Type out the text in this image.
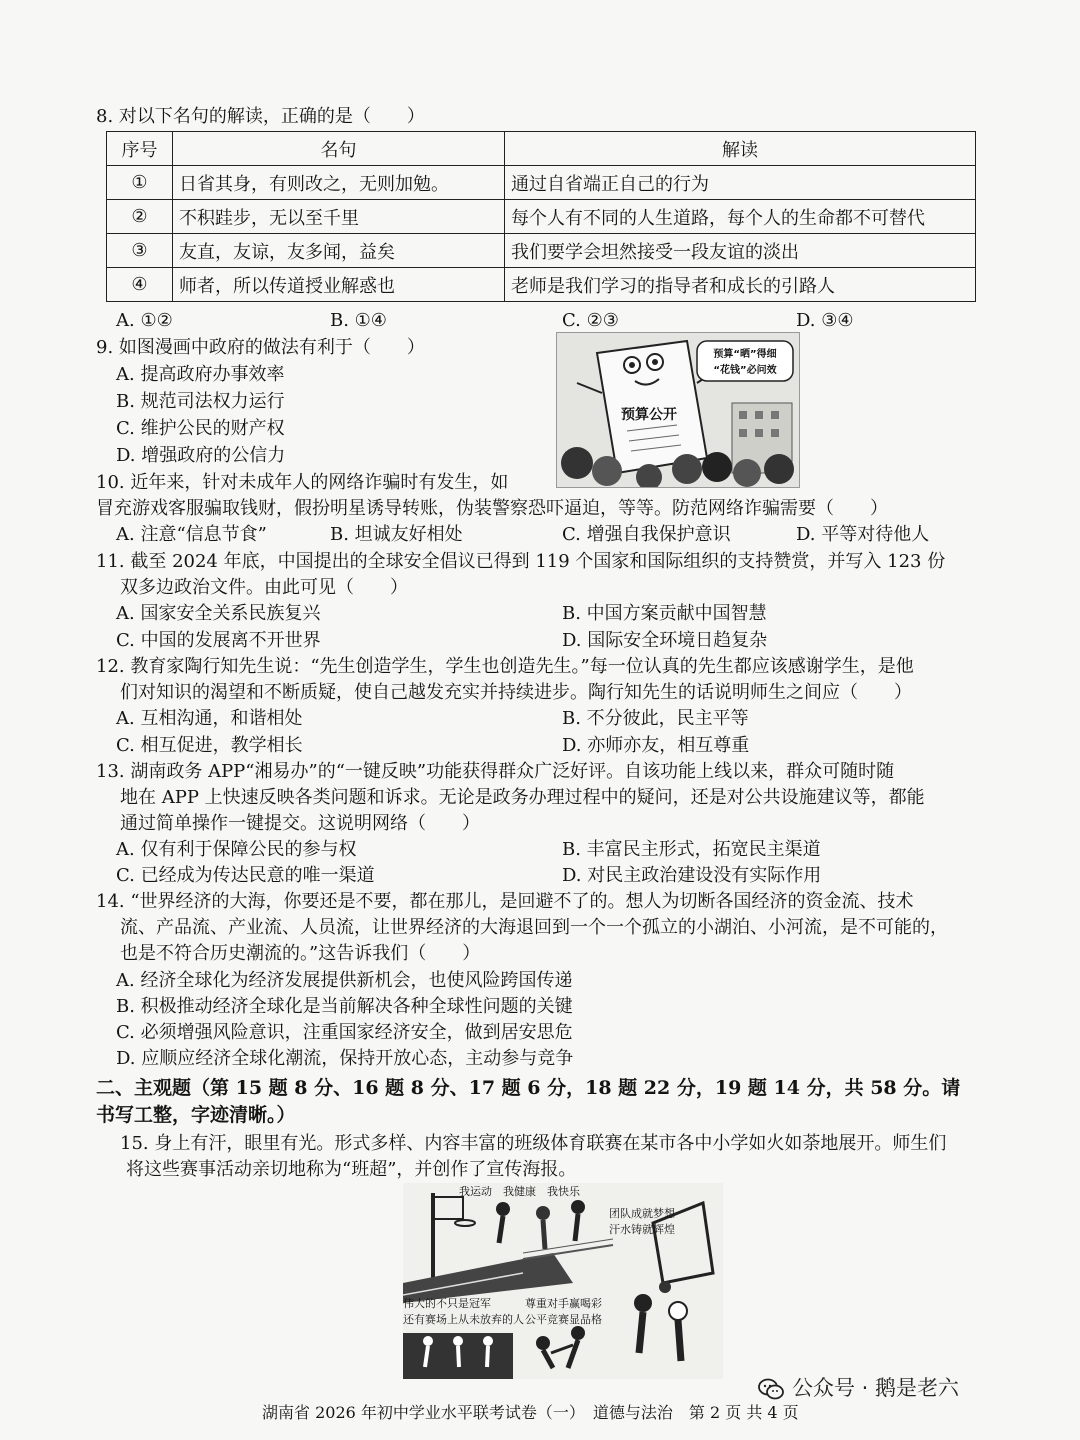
8. 对以下名句的解读，正确的是（　　）
序号	名句	解读
①	日省其身，有则改之，无则加勉。	通过自省端正自己的行为
②	不积跬步，无以至千里	每个人有不同的人生道路，每个人的生命都不可替代
③	友直，友谅，友多闻，益矣	我们要学会坦然接受一段友谊的淡出
④	师者，所以传道授业解惑也	老师是我们学习的指导者和成长的引路人
A. ①②	B. ①④	C. ②③	D. ③④
9. 如图漫画中政府的做法有利于（　　）
A. 提高政府办事效率
B. 规范司法权力运行
C. 维护公民的财产权
D. 增强政府的公信力
预算“晒”得细
“花钱”必问效
预算公开
10. 近年来，针对未成年人的网络诈骗时有发生，如
冒充游戏客服骗取钱财，假扮明星诱导转账，伪装警察恐吓逼迫，等等。防范网络诈骗需要（　　）
A. 注意“信息节食”	B. 坦诚友好相处	C. 增强自我保护意识	D. 平等对待他人
11. 截至 2024 年底，中国提出的全球安全倡议已得到 119 个国家和国际组织的支持赞赏，并写入 123 份
双多边政治文件。由此可见（　　）
A. 国家安全关系民族复兴	B. 中国方案贡献中国智慧
C. 中国的发展离不开世界	D. 国际安全环境日趋复杂
12. 教育家陶行知先生说：“先生创造学生，学生也创造先生。”每一位认真的先生都应该感谢学生，是他
们对知识的渴望和不断质疑，使自己越发充实并持续进步。陶行知先生的话说明师生之间应（　　）
A. 互相沟通，和谐相处	B. 不分彼此，民主平等
C. 相互促进，教学相长	D. 亦师亦友，相互尊重
13. 湖南政务 APP“湘易办”的“一键反映”功能获得群众广泛好评。自该功能上线以来，群众可随时随
地在 APP 上快速反映各类问题和诉求。无论是政务办理过程中的疑问，还是对公共设施建议等，都能
通过简单操作一键提交。这说明网络（　　）
A. 仅有利于保障公民的参与权	B. 丰富民主形式，拓宽民主渠道
C. 已经成为传达民意的唯一渠道	D. 对民主政治建设没有实际作用
14. “世界经济的大海，你要还是不要，都在那儿，是回避不了的。想人为切断各国经济的资金流、技术
流、产品流、产业流、人员流，让世界经济的大海退回到一个一个孤立的小湖泊、小河流，是不可能的，
也是不符合历史潮流的。”这告诉我们（　　）
A. 经济全球化为经济发展提供新机会，也使风险跨国传递
B. 积极推动经济全球化是当前解决各种全球性问题的关键
C. 必须增强风险意识，注重国家经济安全，做到居安思危
D. 应顺应经济全球化潮流，保持开放心态，主动参与竞争
二、主观题（第 15 题 8 分、16 题 8 分、17 题 6 分，18 题 22 分，19 题 14 分，共 58 分。请
书写工整，字迹清晰。）
15. 身上有汗，眼里有光。形式多样、内容丰富的班级体育联赛在某市各中小学如火如荼地展开。师生们
将这些赛事活动亲切地称为“班超”，并创作了宣传海报。
我运动　我健康　我快乐
团队成就梦想
汗水铸就辉煌
伟大的不只是冠军
还有赛场上从未放弃的人
尊重对手赢喝彩
公平竞赛显品格
公众号 · 鹅是老六
湖南省 2026 年初中学业水平联考试卷（一）　道德与法治　第 2 页 共 4 页
